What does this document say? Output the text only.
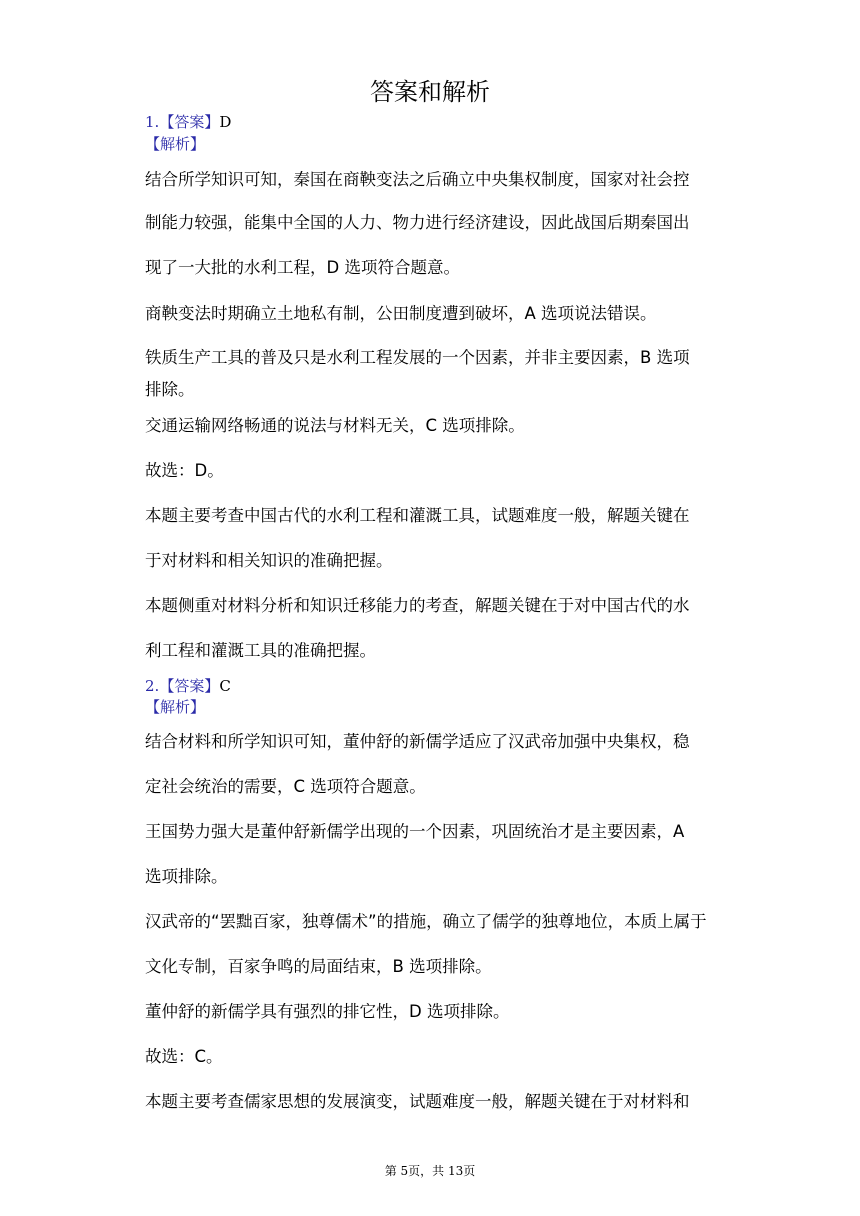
答案和解析
1.【答案】D
【解析】
结合所学知识可知，秦国在商鞅变法之后确立中央集权制度，国家对社会控
制能力较强，能集中全国的人力、物力进行经济建设，因此战国后期秦国出
现了一大批的水利工程，D 选项符合题意。
商鞅变法时期确立土地私有制，公田制度遭到破坏，A 选项说法错误。
铁质生产工具的普及只是水利工程发展的一个因素，并非主要因素，B 选项
排除。
交通运输网络畅通的说法与材料无关，C 选项排除。
故选：D。
本题主要考查中国古代的水利工程和灌溉工具，试题难度一般，解题关键在
于对材料和相关知识的准确把握。
本题侧重对材料分析和知识迁移能力的考查，解题关键在于对中国古代的水
利工程和灌溉工具的准确把握。
2.【答案】C
【解析】
结合材料和所学知识可知，董仲舒的新儒学适应了汉武帝加强中央集权，稳
定社会统治的需要，C 选项符合题意。
王国势力强大是董仲舒新儒学出现的一个因素，巩固统治才是主要因素，A
选项排除。
汉武帝的“罢黜百家，独尊儒术”的措施，确立了儒学的独尊地位，本质上属于
文化专制，百家争鸣的局面结束，B 选项排除。
董仲舒的新儒学具有强烈的排它性，D 选项排除。
故选：C。
本题主要考查儒家思想的发展演变，试题难度一般，解题关键在于对材料和
第 5页，共 13页
